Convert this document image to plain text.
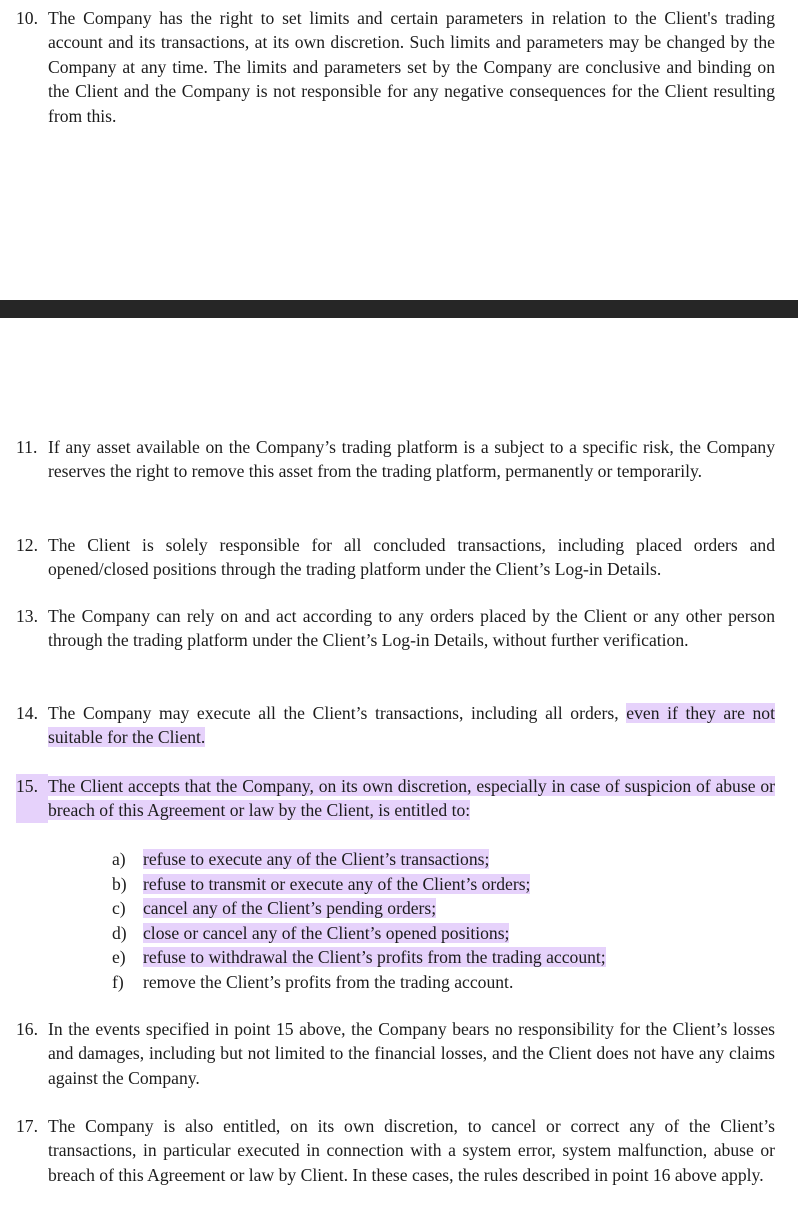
10. The Company has the right to set limits and certain parameters in relation to the Client's trading account and its transactions, at its own discretion. Such limits and parameters may be changed by the Company at any time. The limits and parameters set by the Company are conclusive and binding on the Client and the Company is not responsible for any negative consequences for the Client resulting from this.
11. If any asset available on the Company’s trading platform is a subject to a specific risk, the Company reserves the right to remove this asset from the trading platform, permanently or temporarily.
12. The Client is solely responsible for all concluded transactions, including placed orders and opened/closed positions through the trading platform under the Client’s Log-in Details.
13. The Company can rely on and act according to any orders placed by the Client or any other person through the trading platform under the Client’s Log-in Details, without further verification.
14. The Company may execute all the Client’s transactions, including all orders, even if they are not suitable for the Client.
15. The Client accepts that the Company, on its own discretion, especially in case of suspicion of abuse or breach of this Agreement or law by the Client, is entitled to:
a) refuse to execute any of the Client’s transactions;
b) refuse to transmit or execute any of the Client’s orders;
c) cancel any of the Client’s pending orders;
d) close or cancel any of the Client’s opened positions;
e) refuse to withdrawal the Client’s profits from the trading account;
f)	remove the Client’s profits from the trading account.
16. In the events specified in point 15 above, the Company bears no responsibility for the Client’s losses and damages, including but not limited to the financial losses, and the Client does not have any claims against the Company.
17. The Company is also entitled, on its own discretion, to cancel or correct any of the Client’s transactions, in particular executed in connection with a system error, system malfunction, abuse or breach of this Agreement or law by Client. In these cases, the rules described in point 16 above apply.
